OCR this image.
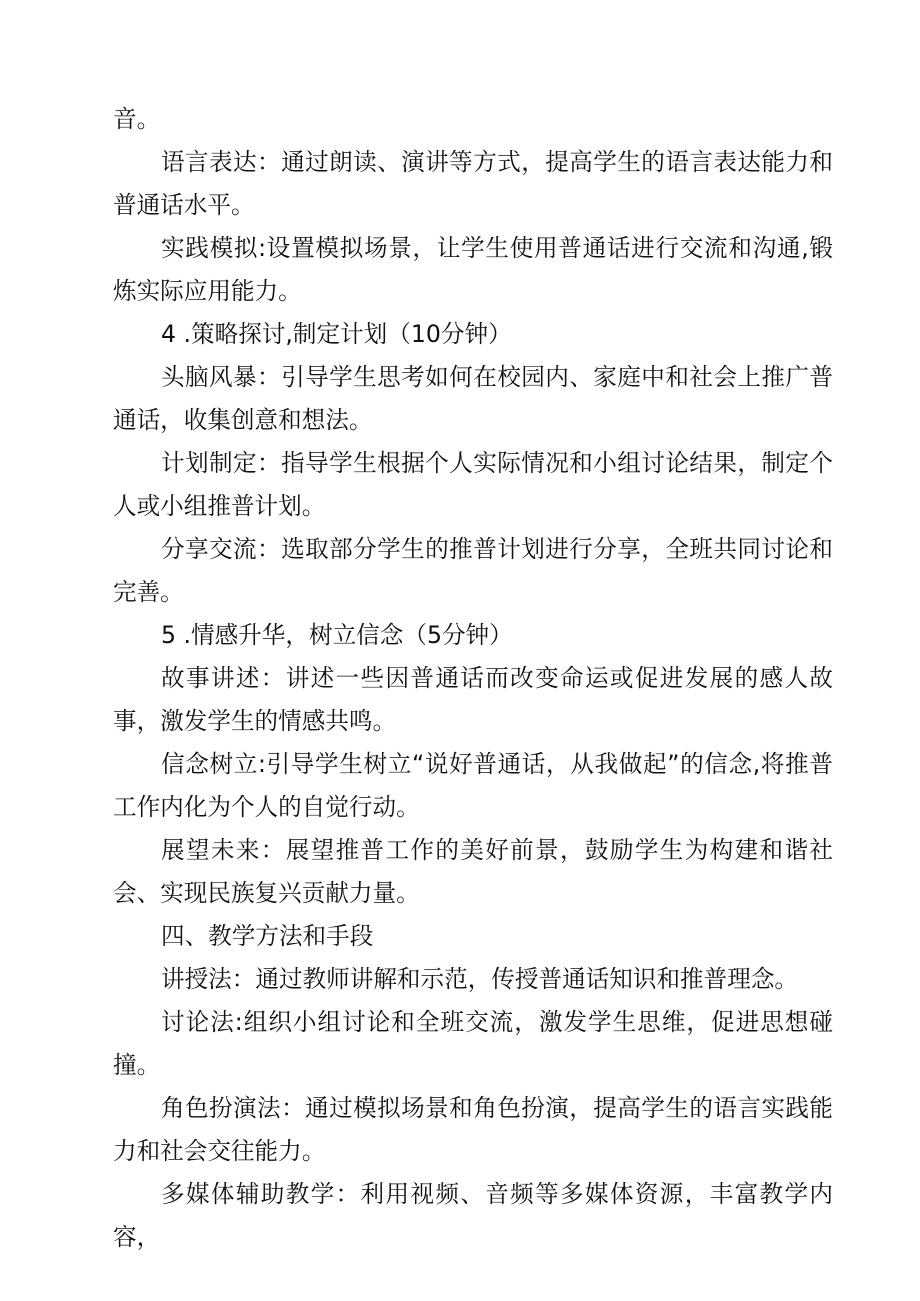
音。

语言表达：通过朗读、演讲等方式，提高学生的语言表达能力和普通话水平。

实践模拟:设置模拟场景，让学生使用普通话进行交流和沟通,锻炼实际应用能力。

4 .策略探讨,制定计划（10分钟）

头脑风暴：引导学生思考如何在校园内、家庭中和社会上推广普通话，收集创意和想法。

计划制定：指导学生根据个人实际情况和小组讨论结果，制定个人或小组推普计划。

分享交流：选取部分学生的推普计划进行分享，全班共同讨论和完善。

5 .情感升华，树立信念（5分钟）

故事讲述：讲述一些因普通话而改变命运或促进发展的感人故事，激发学生的情感共鸣。

信念树立:引导学生树立“说好普通话，从我做起”的信念,将推普工作内化为个人的自觉行动。

展望未来：展望推普工作的美好前景，鼓励学生为构建和谐社会、实现民族复兴贡献力量。

四、教学方法和手段

讲授法：通过教师讲解和示范，传授普通话知识和推普理念。

讨论法:组织小组讨论和全班交流，激发学生思维，促进思想碰撞。

角色扮演法：通过模拟场景和角色扮演，提高学生的语言实践能力和社会交往能力。

多媒体辅助教学：利用视频、音频等多媒体资源，丰富教学内容，
